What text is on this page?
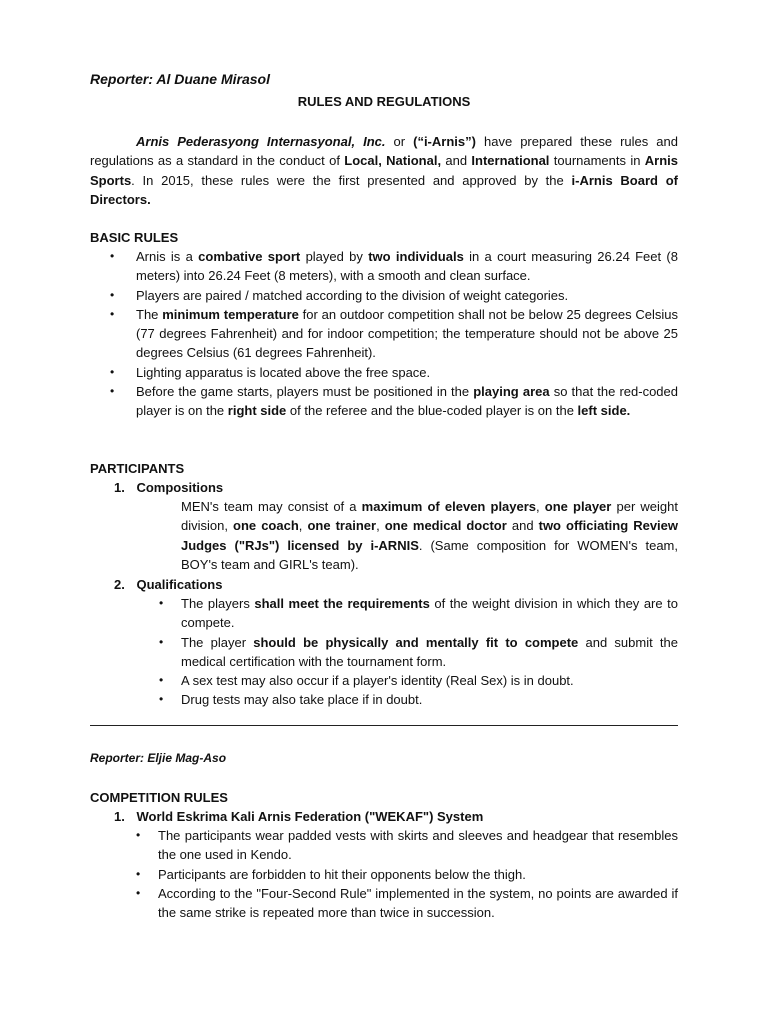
Reporter: Al Duane Mirasol
RULES AND REGULATIONS
Arnis Pederasyong Internasyonal, Inc. or (“i-Arnis”) have prepared these rules and regulations as a standard in the conduct of Local, National, and International tournaments in Arnis Sports. In 2015, these rules were the first presented and approved by the i-Arnis Board of Directors.
BASIC RULES
• Arnis is a combative sport played by two individuals in a court measuring 26.24 Feet (8 meters) into 26.24 Feet (8 meters), with a smooth and clean surface.
• Players are paired / matched according to the division of weight categories.
• The minimum temperature for an outdoor competition shall not be below 25 degrees Celsius (77 degrees Fahrenheit) and for indoor competition; the temperature should not be above 25 degrees Celsius (61 degrees Fahrenheit).
• Lighting apparatus is located above the free space.
• Before the game starts, players must be positioned in the playing area so that the red-coded player is on the right side of the referee and the blue-coded player is on the left side.
PARTICIPANTS
1. Compositions
MEN's team may consist of a maximum of eleven players, one player per weight division, one coach, one trainer, one medical doctor and two officiating Review Judges ("RJs") licensed by i-ARNIS. (Same composition for WOMEN's team, BOY's team and GIRL's team).
2. Qualifications
• The players shall meet the requirements of the weight division in which they are to compete.
• The player should be physically and mentally fit to compete and submit the medical certification with the tournament form.
• A sex test may also occur if a player's identity (Real Sex) is in doubt.
• Drug tests may also take place if in doubt.
Reporter: Eljie Mag-Aso
COMPETITION RULES
1. World Eskrima Kali Arnis Federation ("WEKAF") System
• The participants wear padded vests with skirts and sleeves and headgear that resembles the one used in Kendo.
• Participants are forbidden to hit their opponents below the thigh.
• According to the "Four-Second Rule" implemented in the system, no points are awarded if the same strike is repeated more than twice in succession.
